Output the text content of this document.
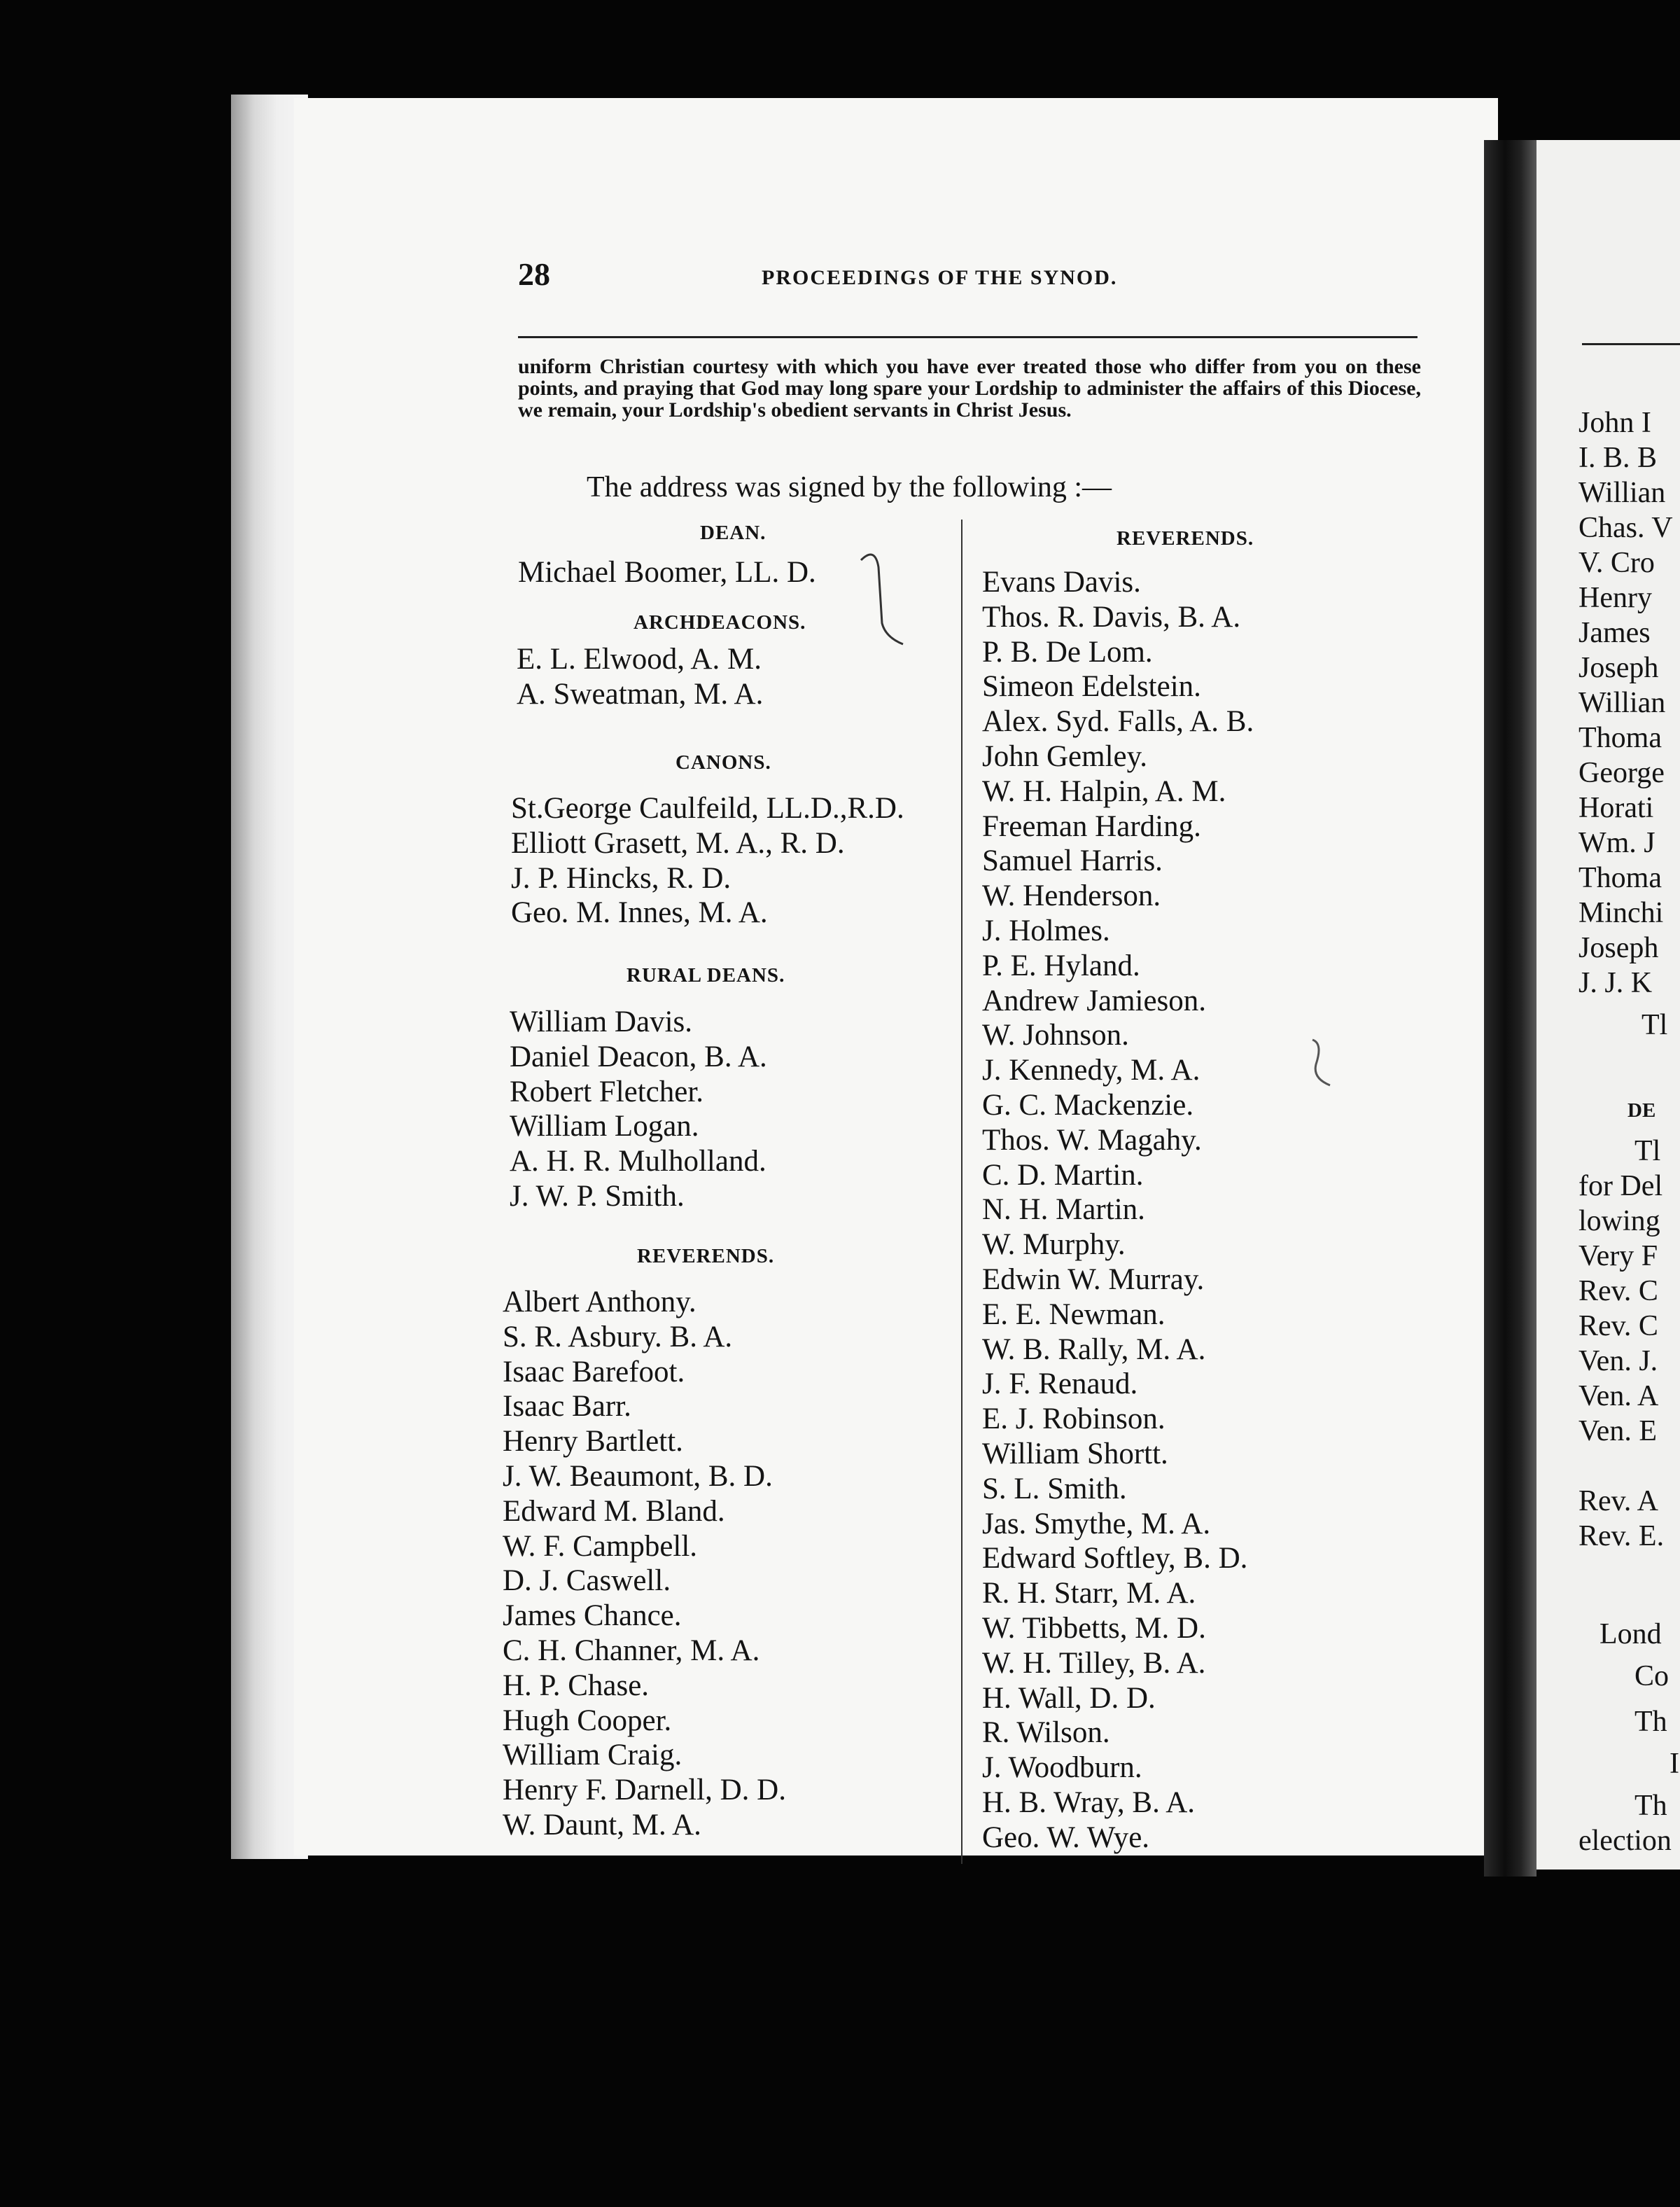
28	PROCEEDINGS OF THE SYNOD.

uniform Christian courtesy with which you have ever treated those who differ from you on these points, and praying that God may long spare your Lordship to administer the affairs of this Diocese, we remain, your Lordship's obedient servants in Christ Jesus.

The address was signed by the following :—
DEAN.
Michael Boomer, LL. D.
ARCHDEACONS.
E. L. Elwood, A. M.
A. Sweatman, M. A.
CANONS.
St.George Caulfeild, LL.D.,R.D.
Elliott Grasett, M. A., R. D.
J. P. Hincks, R. D.
Geo. M. Innes, M. A.
RURAL DEANS.
William Davis.
Daniel Deacon, B. A.
Robert Fletcher.
William Logan.
A. H. R. Mulholland.
J. W. P. Smith.
REVERENDS.
Albert Anthony.
S. R. Asbury. B. A.
Isaac Barefoot.
Isaac Barr.
Henry Bartlett.
J. W. Beaumont, B. D.
Edward M. Bland.
W. F. Campbell.
D. J. Caswell.
James Chance.
C. H. Channer, M. A.
H. P. Chase.
Hugh Cooper.
William Craig.
Henry F. Darnell, D. D.
W. Daunt, M. A.
REVERENDS.
Evans Davis.
Thos. R. Davis, B. A.
P. B. De Lom.
Simeon Edelstein.
Alex. Syd. Falls, A. B.
John Gemley.
W. H. Halpin, A. M.
Freeman Harding.
Samuel Harris.
W. Henderson.
J. Holmes.
P. E. Hyland.
Andrew Jamieson.
W. Johnson.
J. Kennedy, M. A.
G. C. Mackenzie.
Thos. W. Magahy.
C. D. Martin.
N. H. Martin.
W. Murphy.
Edwin W. Murray.
E. E. Newman.
W. B. Rally, M. A.
J. F. Renaud.
E. J. Robinson.
William Shortt.
S. L. Smith.
Jas. Smythe, M. A.
Edward Softley, B. D.
R. H. Starr, M. A.
W. Tibbetts, M. D.
W. H. Tilley, B. A.
H. Wall, D. D.
R. Wilson.
J. Woodburn.
H. B. Wray, B. A.
Geo. W. Wye.
John I
I. B. B
Willian
Chas. V
V. Cro
Henry
James
Joseph
Willian
Thoma
George
Horati
Wm. J
Thoma
Minchi
Joseph
J. J. K
Tl
DE
Tl
for Del
lowing
Very F
Rev. C
Rev. C
Ven. J.
Ven. A
Ven. E
Rev. A
Rev. E.
Lond
Co
Th
I
Th
election
